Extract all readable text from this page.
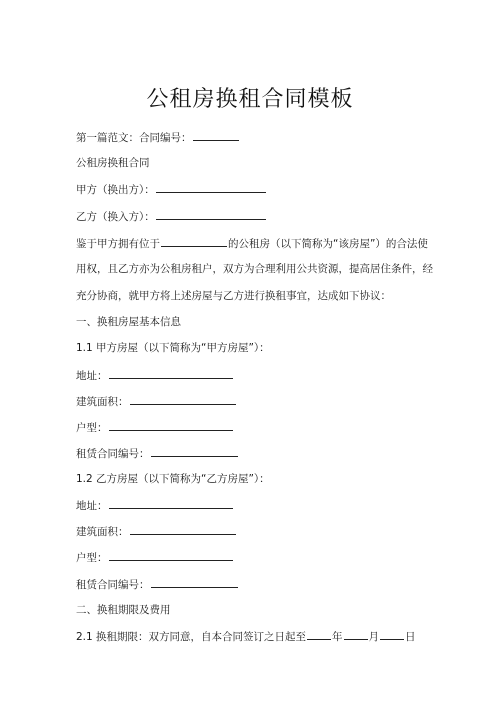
公租房换租合同模板
第一篇范文：合同编号：
公租房换租合同
甲方（换出方）：
乙方（换入方）：
鉴于甲方拥有位于	的公租房（以下简称为“该房屋”）的合法使
用权，且乙方亦为公租房租户，双方为合理利用公共资源，提高居住条件，经
充分协商，就甲方将上述房屋与乙方进行换租事宜，达成如下协议：
一、换租房屋基本信息
1.1 甲方房屋（以下简称为“甲方房屋”）：
地址：
建筑面积：
户型：
租赁合同编号：
1.2 乙方房屋（以下简称为“乙方房屋”）：
地址：
建筑面积：
户型：
租赁合同编号：
二、换租期限及费用
2.1 换租期限：双方同意，自本合同签订之日起至 年 月 日
